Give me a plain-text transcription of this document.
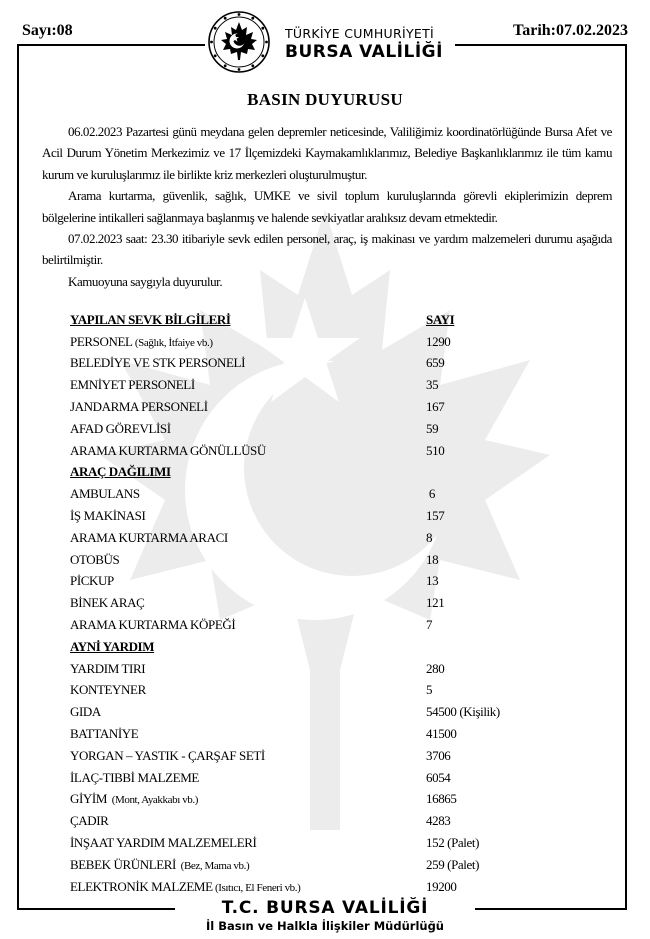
Sayı:08	Tarih:07.02.2023
TÜRKİYE CUMHURİYETİ
BURSA VALİLİĞİ
BASIN DUYURUSU

06.02.2023 Pazartesi günü meydana gelen depremler neticesinde, Valiliğimiz koordinatörlüğünde Bursa Afet ve Acil Durum Yönetim Merkezimiz ve 17 İlçemizdeki Kaymakamlıklarımız, Belediye Başkanlıklarımız ile tüm kamu kurum ve kuruluşlarımız ile birlikte kriz merkezleri oluşturulmuştur.

Arama kurtarma, güvenlik, sağlık, UMKE ve sivil toplum kuruluşlarında görevli ekiplerimizin deprem bölgelerine intikalleri sağlanmaya başlanmış ve halende sevkiyatlar aralıksız devam etmektedir.

07.02.2023 saat: 23.30 itibariyle sevk edilen personel, araç, iş makinası ve yardım malzemeleri durumu aşağıda belirtilmiştir.

Kamuoyuna saygıyla duyurulur.

YAPILAN SEVK BİLGİLERİ	SAYI
PERSONEL (Sağlık, İtfaiye vb.)	1290
BELEDİYE VE STK PERSONELİ	659
EMNİYET PERSONELİ	35
JANDARMA PERSONELİ	167
AFAD GÖREVLİSİ	59
ARAMA KURTARMA GÖNÜLLÜSÜ	510
ARAÇ DAĞILIMI
AMBULANS	6
İŞ MAKİNASI	157
ARAMA KURTARMA ARACI	8
OTOBÜS	18
PİCKUP	13
BİNEK ARAÇ	121
ARAMA KURTARMA KÖPEĞİ	7
AYNİ YARDIM
YARDIM TIRI	280
KONTEYNER	5
GIDA	54500 (Kişilik)
BATTANİYE	41500
YORGAN – YASTIK - ÇARŞAF SETİ	3706
İLAÇ-TIBBİ MALZEME	6054
GİYİM  (Mont, Ayakkabı vb.)	16865
ÇADIR	4283
İNŞAAT YARDIM MALZEMELERİ	152 (Palet)
BEBEK ÜRÜNLERİ  (Bez, Mama vb.)	259 (Palet)
ELEKTRONİK MALZEME (Isıtıcı, El Feneri vb.)	19200
T.C. BURSA VALİLİĞİ
İl Basın ve Halkla İlişkiler Müdürlüğü
